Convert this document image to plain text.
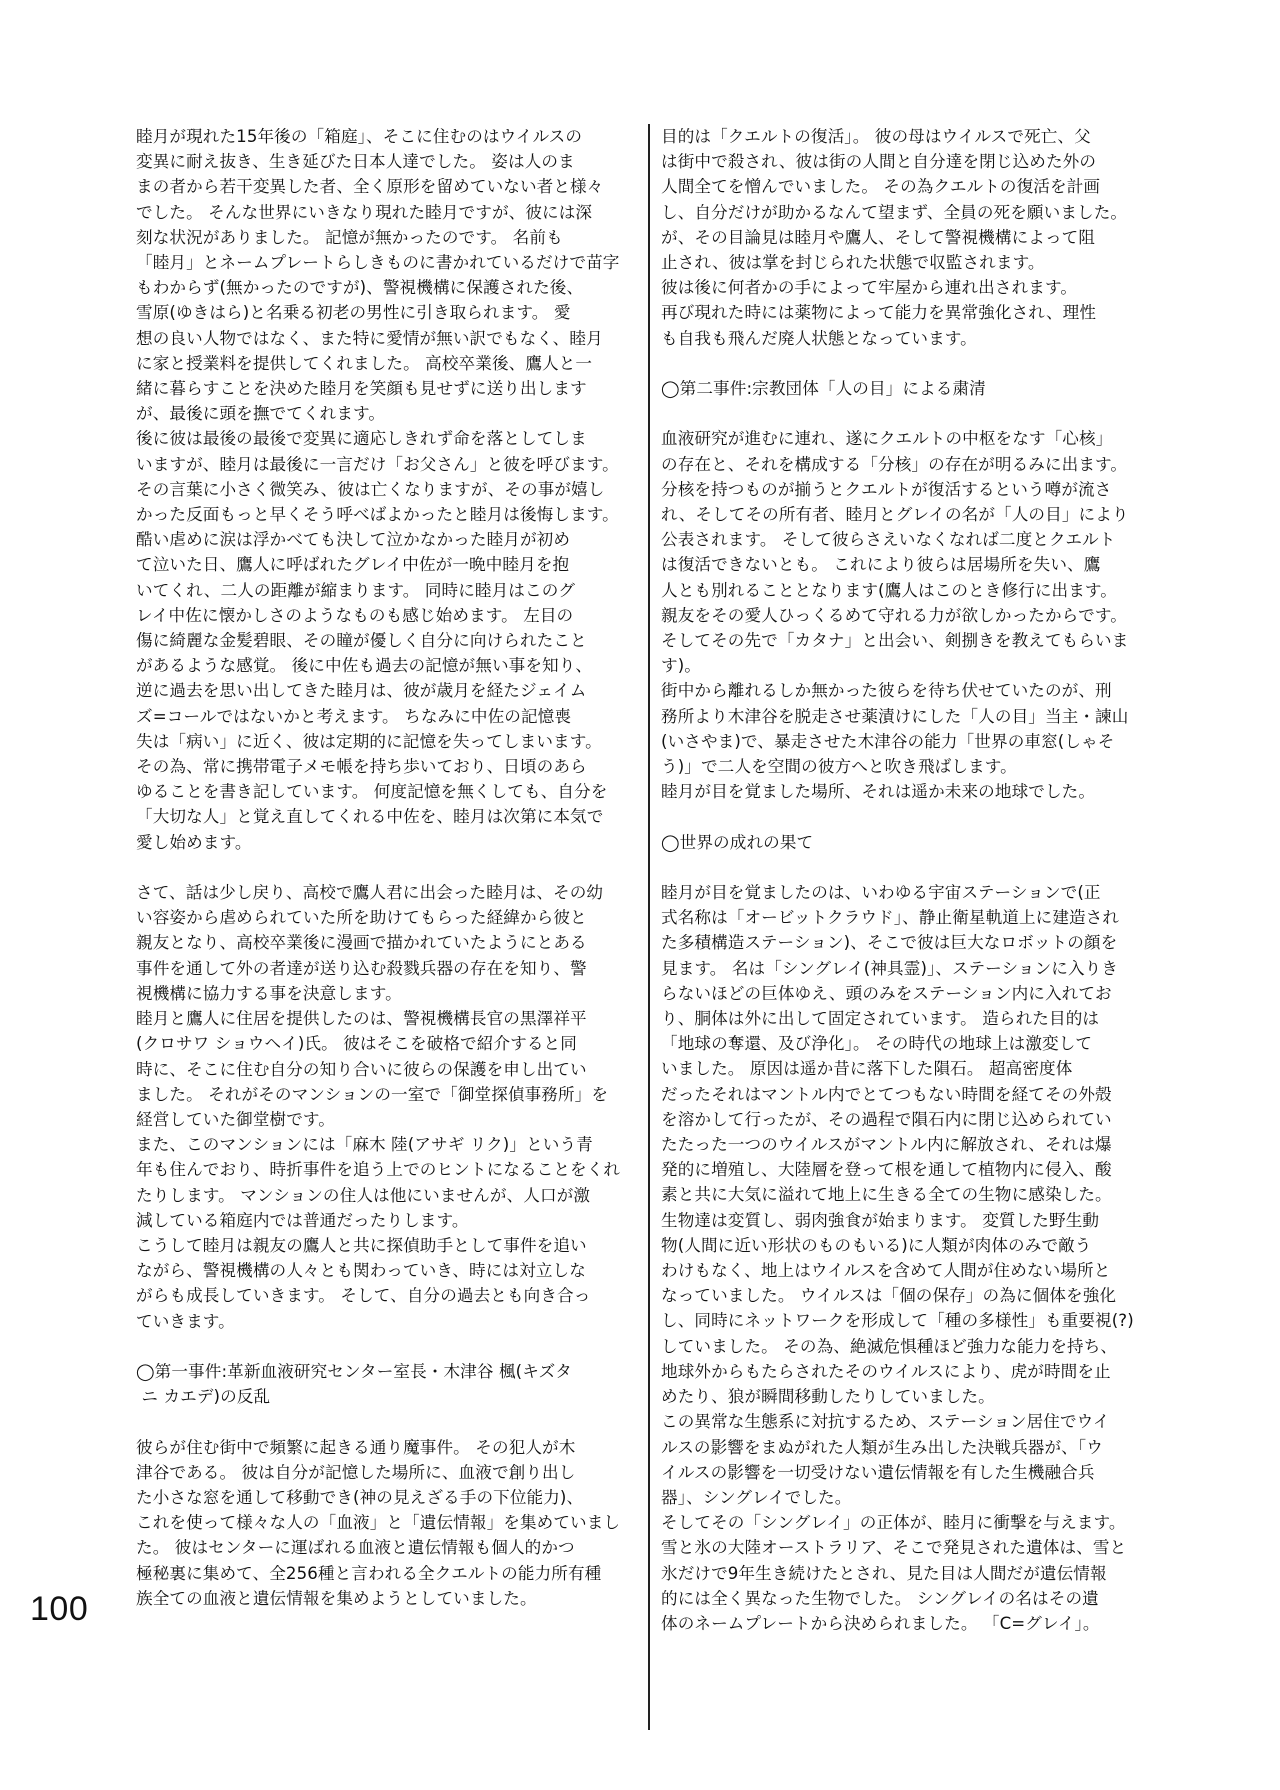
睦月が現れた15年後の「箱庭」、そこに住むのはウイルスの
変異に耐え抜き、生き延びた日本人達でした。 姿は人のま
まの者から若干変異した者、全く原形を留めていない者と様々
でした。 そんな世界にいきなり現れた睦月ですが、彼には深
刻な状況がありました。 記憶が無かったのです。 名前も
「睦月」とネームプレートらしきものに書かれているだけで苗字
もわからず(無かったのですが)、警視機構に保護された後、
雪原(ゆきはら)と名乗る初老の男性に引き取られます。 愛
想の良い人物ではなく、また特に愛情が無い訳でもなく、睦月
に家と授業料を提供してくれました。 高校卒業後、鷹人と一
緒に暮らすことを決めた睦月を笑顔も見せずに送り出します
が、最後に頭を撫でてくれます。
後に彼は最後の最後で変異に適応しきれず命を落としてしま
いますが、睦月は最後に一言だけ「お父さん」と彼を呼びます。
その言葉に小さく微笑み、彼は亡くなりますが、その事が嬉し
かった反面もっと早くそう呼べばよかったと睦月は後悔します。
酷い虐めに涙は浮かべても決して泣かなかった睦月が初め
て泣いた日、鷹人に呼ばれたグレイ中佐が一晩中睦月を抱
いてくれ、二人の距離が縮まります。 同時に睦月はこのグ
レイ中佐に懐かしさのようなものも感じ始めます。 左目の
傷に綺麗な金髪碧眼、その瞳が優しく自分に向けられたこと
があるような感覚。 後に中佐も過去の記憶が無い事を知り、
逆に過去を思い出してきた睦月は、彼が歳月を経たジェイム
ズ=コールではないかと考えます。 ちなみに中佐の記憶喪
失は「病い」に近く、彼は定期的に記憶を失ってしまいます。
その為、常に携帯電子メモ帳を持ち歩いており、日頃のあら
ゆることを書き記しています。 何度記憶を無くしても、自分を
「大切な人」と覚え直してくれる中佐を、睦月は次第に本気で
愛し始めます。

さて、話は少し戻り、高校で鷹人君に出会った睦月は、その幼
い容姿から虐められていた所を助けてもらった経緯から彼と
親友となり、高校卒業後に漫画で描かれていたようにとある
事件を通して外の者達が送り込む殺戮兵器の存在を知り、警
視機構に協力する事を決意します。
睦月と鷹人に住居を提供したのは、警視機構長官の黒澤祥平
(クロサワ ショウヘイ)氏。 彼はそこを破格で紹介すると同
時に、そこに住む自分の知り合いに彼らの保護を申し出てい
ました。 それがそのマンションの一室で「御堂探偵事務所」を
経営していた御堂樹です。
また、このマンションには「麻木 陸(アサギ リク)」という青
年も住んでおり、時折事件を追う上でのヒントになることをくれ
たりします。 マンションの住人は他にいませんが、人口が激
減している箱庭内では普通だったりします。
こうして睦月は親友の鷹人と共に探偵助手として事件を追い
ながら、警視機構の人々とも関わっていき、時には対立しな
がらも成長していきます。 そして、自分の過去とも向き合っ
ていきます。

◯第一事件:革新血液研究センター室長・木津谷 楓(キズタ
ニ カエデ)の反乱

彼らが住む街中で頻繁に起きる通り魔事件。 その犯人が木
津谷である。 彼は自分が記憶した場所に、血液で創り出し
た小さな窓を通して移動でき(神の見えざる手の下位能力)、
これを使って様々な人の「血液」と「遺伝情報」を集めていまし
た。 彼はセンターに運ばれる血液と遺伝情報も個人的かつ
極秘裏に集めて、全256種と言われる全クエルトの能力所有種
族全ての血液と遺伝情報を集めようとしていました。

目的は「クエルトの復活」。 彼の母はウイルスで死亡、父
は街中で殺され、彼は街の人間と自分達を閉じ込めた外の
人間全てを憎んでいました。 その為クエルトの復活を計画
し、自分だけが助かるなんて望まず、全員の死を願いました。
が、その目論見は睦月や鷹人、そして警視機構によって阻
止され、彼は掌を封じられた状態で収監されます。
彼は後に何者かの手によって牢屋から連れ出されます。
再び現れた時には薬物によって能力を異常強化され、理性
も自我も飛んだ廃人状態となっています。

◯第二事件:宗教団体「人の目」による粛清

血液研究が進むに連れ、遂にクエルトの中枢をなす「心核」
の存在と、それを構成する「分核」の存在が明るみに出ます。
分核を持つものが揃うとクエルトが復活するという噂が流さ
れ、そしてその所有者、睦月とグレイの名が「人の目」により
公表されます。 そして彼らさえいなくなれば二度とクエルト
は復活できないとも。 これにより彼らは居場所を失い、鷹
人とも別れることとなります(鷹人はこのとき修行に出ます。
親友をその愛人ひっくるめて守れる力が欲しかったからです。
そしてその先で「カタナ」と出会い、剣捌きを教えてもらいます)。
街中から離れるしか無かった彼らを待ち伏せていたのが、刑
務所より木津谷を脱走させ薬漬けにした「人の目」当主・諫山
(いさやま)で、暴走させた木津谷の能力「世界の車窓(しゃそ
う)」で二人を空間の彼方へと吹き飛ばします。
睦月が目を覚ました場所、それは遥か未来の地球でした。

◯世界の成れの果て

睦月が目を覚ましたのは、いわゆる宇宙ステーションで(正
式名称は「オービットクラウド」、静止衛星軌道上に建造され
た多積構造ステーション)、そこで彼は巨大なロボットの顔を
見ます。 名は「シングレイ(神具霊)」、ステーションに入りき
らないほどの巨体ゆえ、頭のみをステーション内に入れてお
り、胴体は外に出して固定されています。 造られた目的は
「地球の奪還、及び浄化」。 その時代の地球上は激変して
いました。 原因は遥か昔に落下した隕石。 超高密度体
だったそれはマントル内でとてつもない時間を経てその外殻
を溶かして行ったが、その過程で隕石内に閉じ込められてい
たたった一つのウイルスがマントル内に解放され、それは爆
発的に増殖し、大陸層を登って根を通して植物内に侵入、酸
素と共に大気に溢れて地上に生きる全ての生物に感染した。
生物達は変質し、弱肉強食が始まります。 変質した野生動
物(人間に近い形状のものもいる)に人類が肉体のみで敵う
わけもなく、地上はウイルスを含めて人間が住めない場所と
なっていました。 ウイルスは「個の保存」の為に個体を強化
し、同時にネットワークを形成して「種の多様性」も重要視(?)
していました。 その為、絶滅危惧種ほど強力な能力を持ち、
地球外からもたらされたそのウイルスにより、虎が時間を止
めたり、狼が瞬間移動したりしていました。
この異常な生態系に対抗するため、ステーション居住でウイ
ルスの影響をまぬがれた人類が生み出した決戦兵器が、「ウ
イルスの影響を一切受けない遺伝情報を有した生機融合兵
器」、シングレイでした。
そしてその「シングレイ」の正体が、睦月に衝撃を与えます。
雪と氷の大陸オーストラリア、そこで発見された遺体は、雪と
氷だけで9年生き続けたとされ、見た目は人間だが遺伝情報
的には全く異なった生物でした。 シングレイの名はその遺
体のネームプレートから決められました。 「C=グレイ」。

100
